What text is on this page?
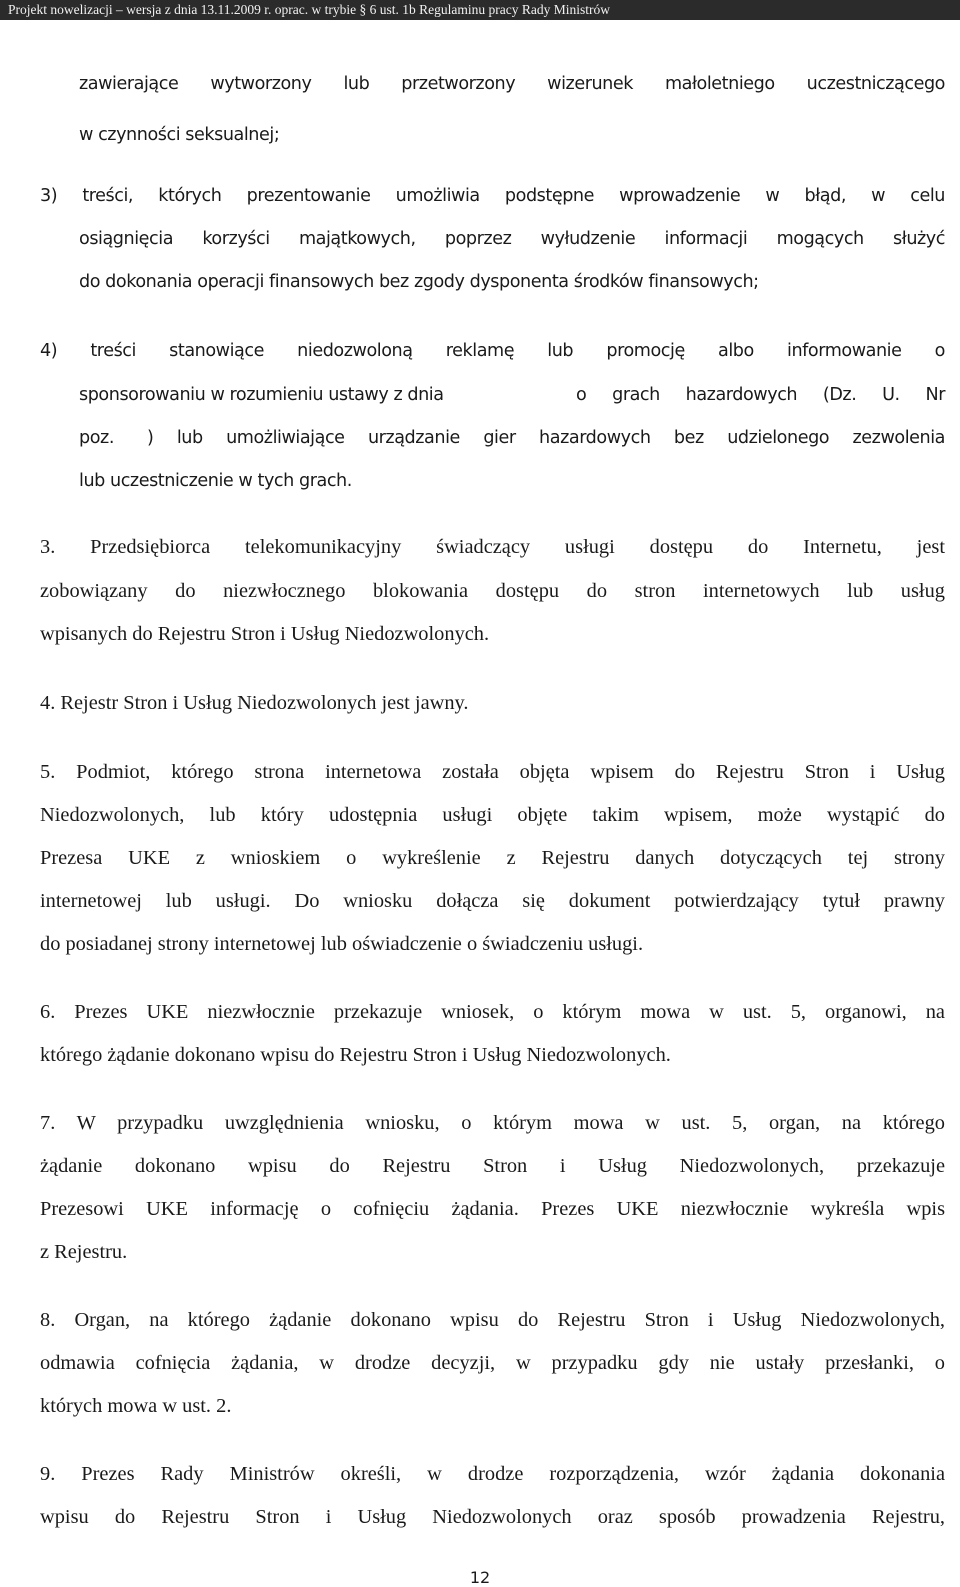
Projekt nowelizacji – wersja z dnia 13.11.2009 r. oprac. w trybie § 6 ust. 1b Regulaminu pracy Rady Ministrów
zawierające wytworzony lub przetworzony wizerunek małoletniego uczestniczącego
w czynności seksualnej;
3) treści, których prezentowanie umożliwia podstępne wprowadzenie w błąd, w celu
osiągnięcia korzyści majątkowych, poprzez wyłudzenie informacji mogących służyć
do dokonania operacji finansowych bez zgody dysponenta środków finansowych;
4) treści stanowiące niedozwoloną reklamę lub promocję albo informowanie o
sponsorowaniu w rozumieniu ustawy z dnia	o grach hazardowych (Dz. U. Nr
poz. ) lub umożliwiające urządzanie gier hazardowych bez udzielonego zezwolenia
lub uczestniczenie w tych grach.
3. Przedsiębiorca telekomunikacyjny świadczący usługi dostępu do Internetu, jest
zobowiązany do niezwłocznego blokowania dostępu do stron internetowych lub usług
wpisanych do Rejestru Stron i Usług Niedozwolonych.
4. Rejestr Stron i Usług Niedozwolonych jest jawny.
5. Podmiot, którego strona internetowa została objęta wpisem do Rejestru Stron i Usług
Niedozwolonych, lub który udostępnia usługi objęte takim wpisem, może wystąpić do
Prezesa UKE z wnioskiem o wykreślenie z Rejestru danych dotyczących tej strony
internetowej lub usługi. Do wniosku dołącza się dokument potwierdzający tytuł prawny
do posiadanej strony internetowej lub oświadczenie o świadczeniu usługi.
6. Prezes UKE niezwłocznie przekazuje wniosek, o którym mowa w ust. 5, organowi, na
którego żądanie dokonano wpisu do Rejestru Stron i Usług Niedozwolonych.
7. W przypadku uwzględnienia wniosku, o którym mowa w ust. 5, organ, na którego
żądanie dokonano wpisu do Rejestru Stron i Usług Niedozwolonych, przekazuje
Prezesowi UKE informację o cofnięciu żądania. Prezes UKE niezwłocznie wykreśla wpis
z Rejestru.
8. Organ, na którego żądanie dokonano wpisu do Rejestru Stron i Usług Niedozwolonych,
odmawia cofnięcia żądania, w drodze decyzji, w przypadku gdy nie ustały przesłanki, o
których mowa w ust. 2.
9. Prezes Rady Ministrów określi, w drodze rozporządzenia, wzór żądania dokonania
wpisu do Rejestru Stron i Usług Niedozwolonych oraz sposób prowadzenia Rejestru,
12
